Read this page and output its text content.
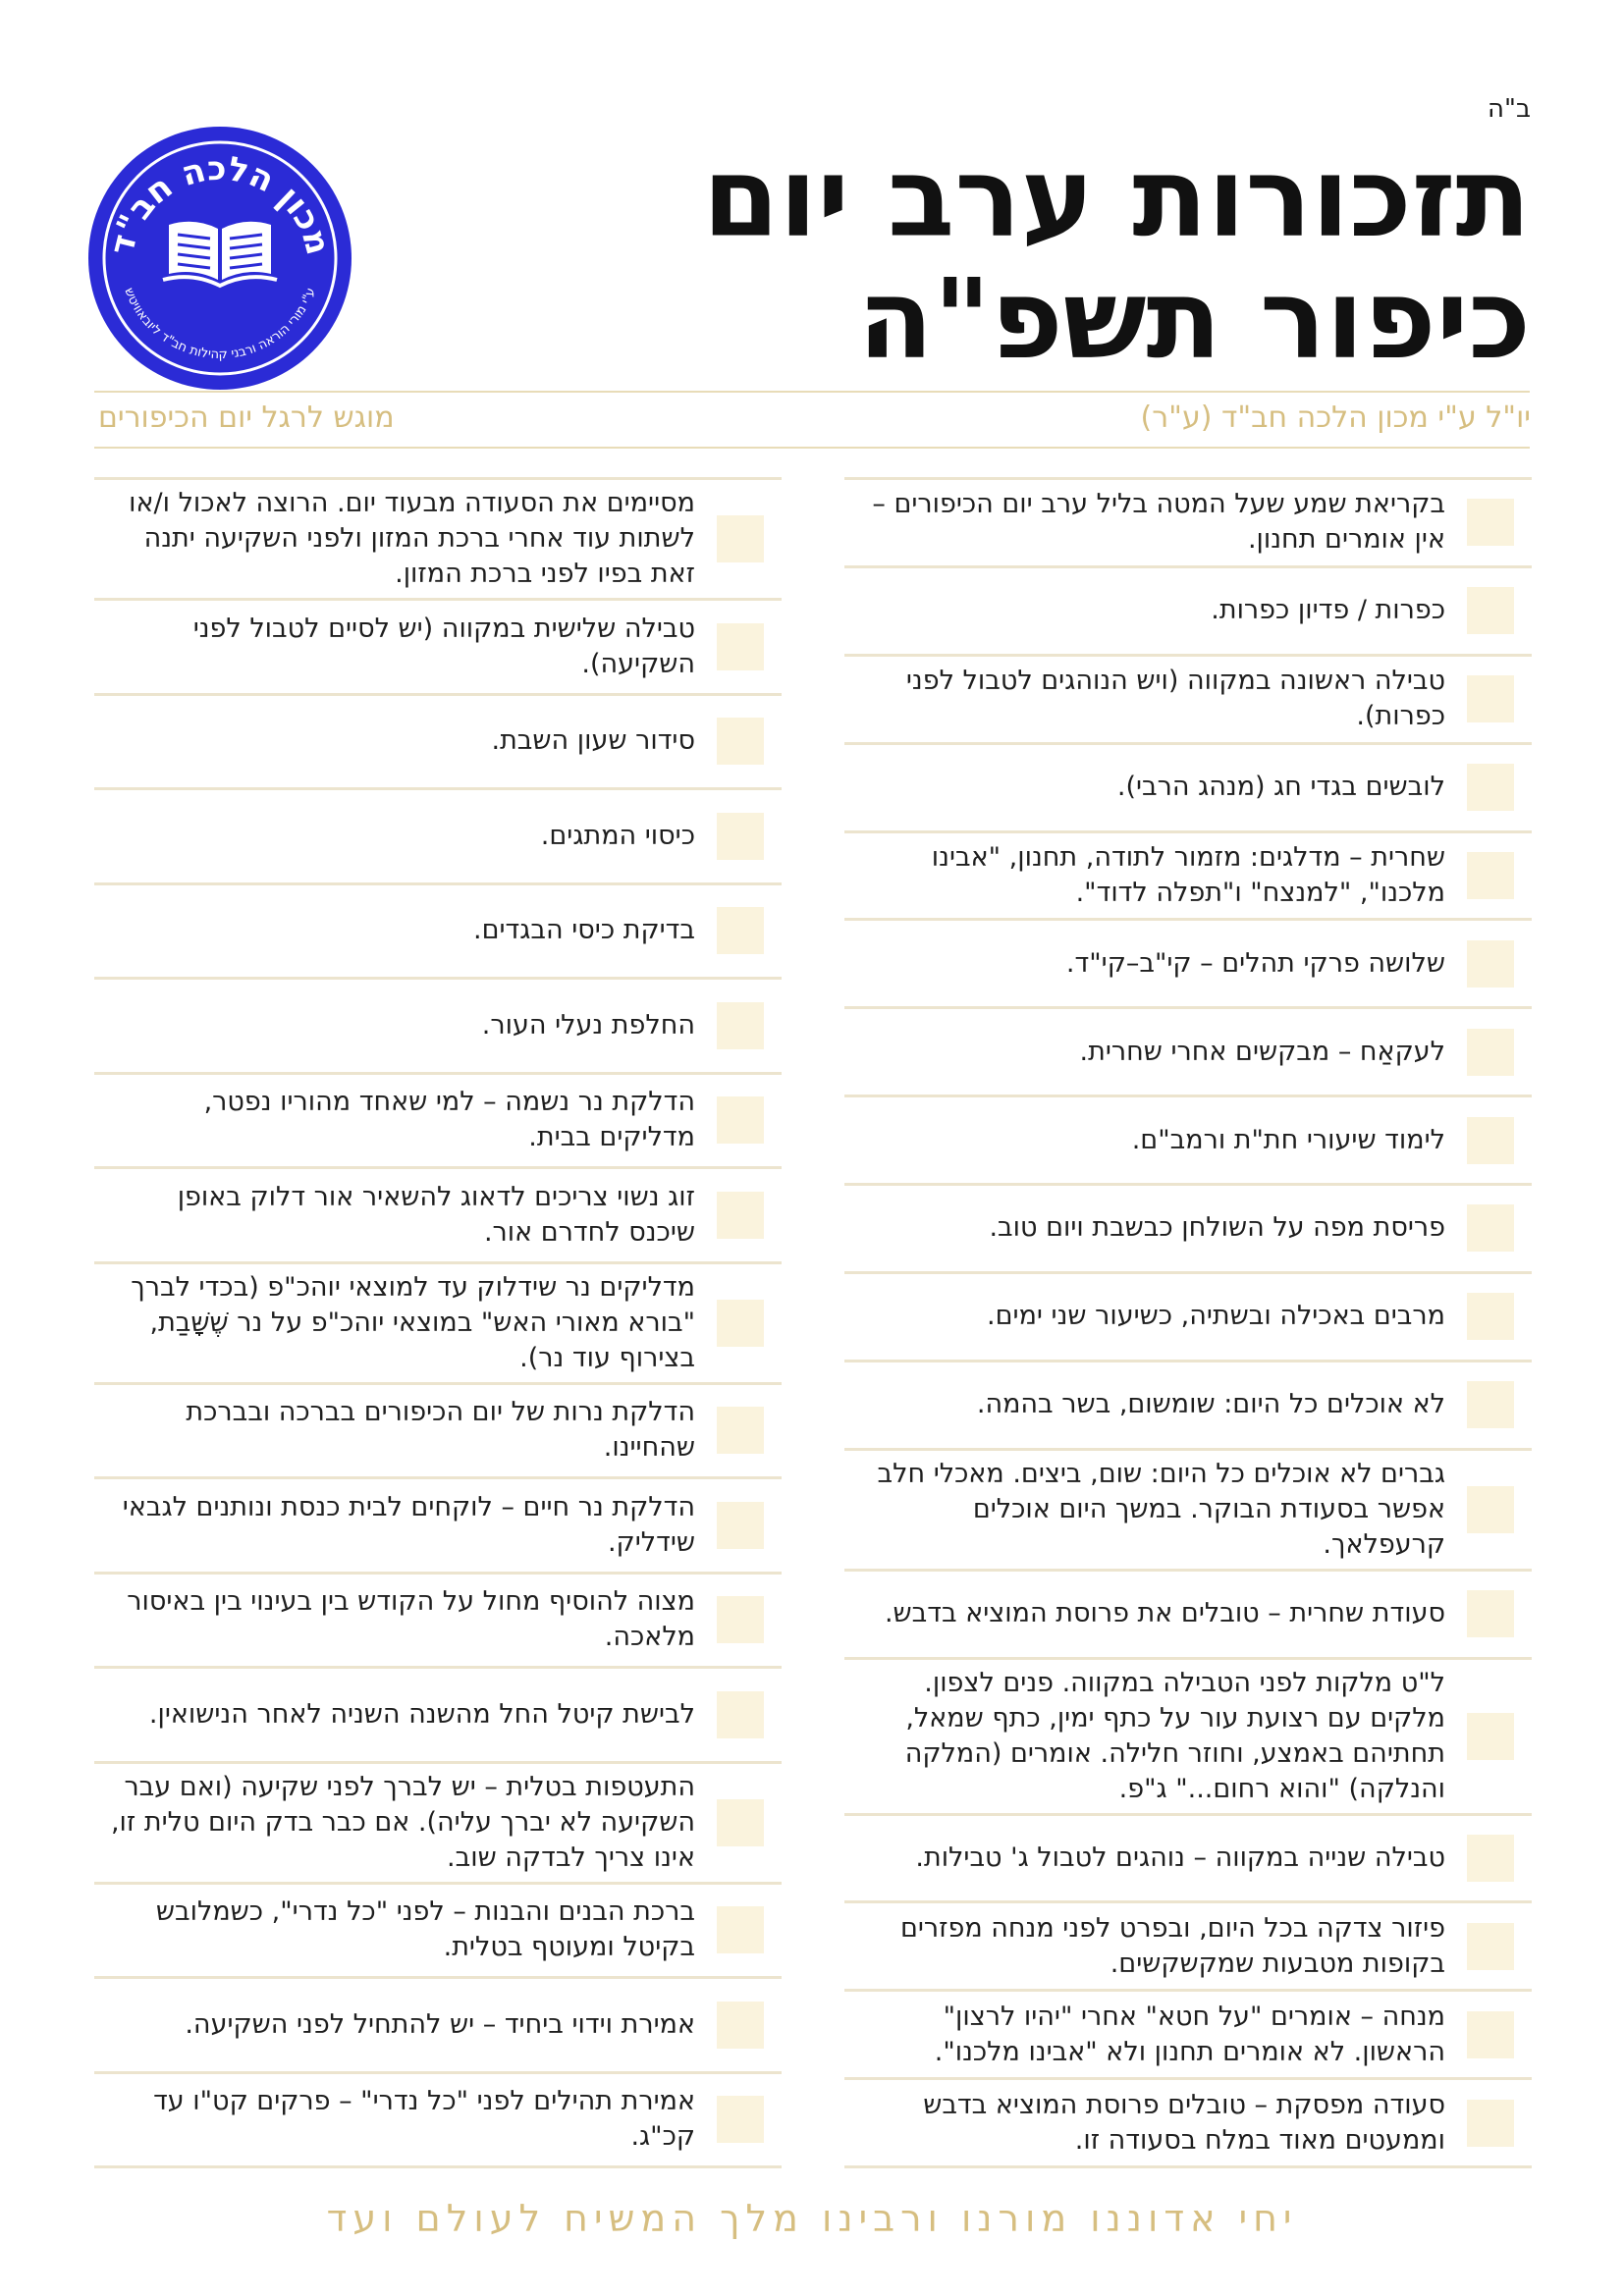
ב"ה
תזכורות ערב יום
כיפור תשפ"ה
מכון הלכה חב"ד
ע"י מורי הוראה ורבני קהילות חב"ד ליובאוויטש
יו"ל ע"י מכון הלכה חב"ד (ע"ר)
מוגש לרגל יום הכיפורים
בקריאת שמע שעל המטה בליל ערב יום הכיפורים – אין אומרים תחנון.
כפרות / פדיון כפרות.
טבילה ראשונה במקווה (ויש הנוהגים לטבול לפני כפרות).
לובשים בגדי חג (מנהג הרבי).
שחרית – מדלגים: מזמור לתודה, תחנון, "אבינו מלכנו", "למנצח" ו"תפלה לדוד".
שלושה פרקי תהלים – קי"ב–קי"ד.
לעקאַח – מבקשים אחרי שחרית.
לימוד שיעורי חת"ת ורמב"ם.
פריסת מפה על השולחן כבשבת ויום טוב.
מרבים באכילה ובשתיה, כשיעור שני ימים.
לא אוכלים כל היום: שומשום, בשר בהמה.
גברים לא אוכלים כל היום: שום, ביצים. מאכלי חלב אפשר בסעודת הבוקר. במשך היום אוכלים קרעפלאך.
סעודת שחרית – טובלים את פרוסת המוציא בדבש.
ל"ט מלקות לפני הטבילה במקווה. פנים לצפון. מלקים עם רצועת עור על כתף ימין, כתף שמאל, תחתיהם באמצע, וחוזר חלילה. אומרים (המלקה והנלקה) "והוא רחום..." ג"פ.
טבילה שנייה במקווה – נוהגים לטבול ג' טבילות.
פיזור צדקה בכל היום, ובפרט לפני מנחה מפזרים בקופות מטבעות שמקשקשים.
מנחה – אומרים "על חטא" אחרי "יהיו לרצון" הראשון. לא אומרים תחנון ולא "אבינו מלכנו".
סעודה מפסקת – טובלים פרוסת המוציא בדבש וממעטים מאוד במלח בסעודה זו.
מסיימים את הסעודה מבעוד יום. הרוצה לאכול ו/או לשתות עוד אחרי ברכת המזון ולפני השקיעה יתנה זאת בפיו לפני ברכת המזון.
טבילה שלישית במקווה (יש לסיים לטבול לפני השקיעה).
סידור שעון השבת.
כיסוי המתגים.
בדיקת כיסי הבגדים.
החלפת נעלי העור.
הדלקת נר נשמה – למי שאחד מהוריו נפטר, מדליקים בבית.
זוג נשוי צריכים לדאוג להשאיר אור דלוק באופן שיכנס לחדרם אור.
מדליקים נר שידלוק עד למוצאי יוהכ"פ (בכדי לברך "בורא מאורי האש" במוצאי יוהכ"פ על נר שֶׁשָּׁבַת, בצירוף עוד נר).
הדלקת נרות של יום הכיפורים בברכה ובברכת שהחיינו.
הדלקת נר חיים – לוקחים לבית כנסת ונותנים לגבאי שידליק.
מצוה להוסיף מחול על הקודש בין בעינוי בין באיסור מלאכה.
לבישת קיטל החל מהשנה השניה לאחר הנישואין.
התעטפות בטלית – יש לברך לפני שקיעה (ואם עבר השקיעה לא יברך עליה). אם כבר בדק היום טלית זו, אינו צריך לבדקה שוב.
ברכת הבנים והבנות – לפני "כל נדרי", כשמלובש בקיטל ומעוטף בטלית.
אמירת וידוי ביחיד – יש להתחיל לפני השקיעה.
אמירת תהילים לפני "כל נדרי" – פרקים קט"ו עד קכ"ג.
יחי אדוננו מורנו ורבינו מלך המשיח לעולם ועד
